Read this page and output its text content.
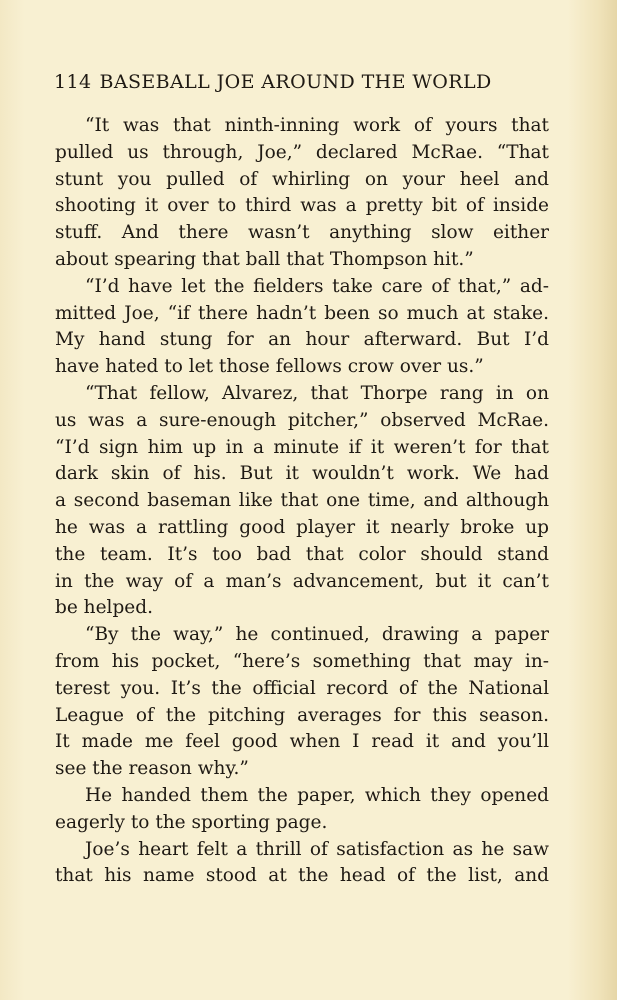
114 BASEBALL JOE AROUND THE WORLD
“It was that ninth-inning work of yours that
pulled us through, Joe,” declared McRae. “That
stunt you pulled of whirling on your heel and
shooting it over to third was a pretty bit of inside
stuff. And there wasn’t anything slow either
about spearing that ball that Thompson hit.”
“I’d have let the fielders take care of that,” ad-
mitted Joe, “if there hadn’t been so much at stake.
My hand stung for an hour afterward. But I’d
have hated to let those fellows crow over us.”
“That fellow, Alvarez, that Thorpe rang in on
us was a sure-enough pitcher,” observed McRae.
“I’d sign him up in a minute if it weren’t for that
dark skin of his. But it wouldn’t work. We had
a second baseman like that one time, and although
he was a rattling good player it nearly broke up
the team. It’s too bad that color should stand
in the way of a man’s advancement, but it can’t
be helped.
“By the way,” he continued, drawing a paper
from his pocket, “here’s something that may in-
terest you. It’s the official record of the National
League of the pitching averages for this season.
It made me feel good when I read it and you’ll
see the reason why.”
He handed them the paper, which they opened
eagerly to the sporting page.
Joe’s heart felt a thrill of satisfaction as he saw
that his name stood at the head of the list, and
